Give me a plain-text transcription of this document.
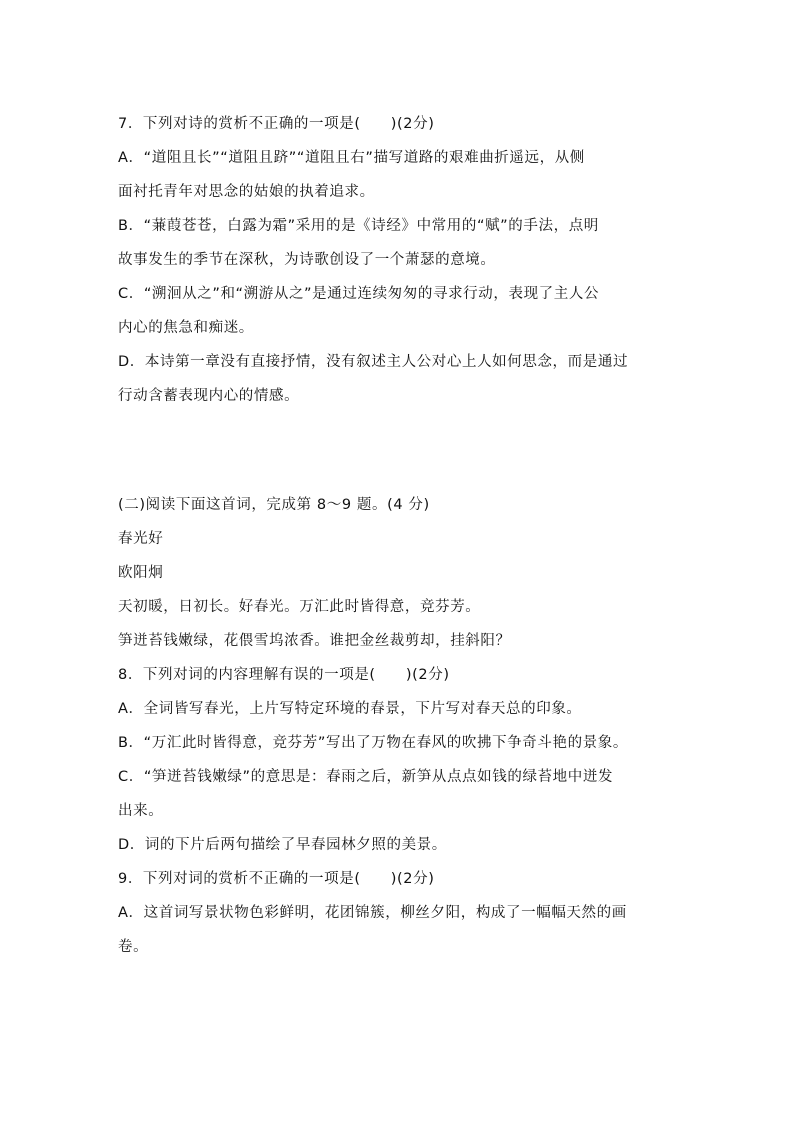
7．下列对诗的赏析不正确的一项是(　　)(2分)
A．“道阻且长”“道阻且跻”“道阻且右”描写道路的艰难曲折遥远，从侧
面衬托青年对思念的姑娘的执着追求。
B．“蒹葭苍苍，白露为霜”采用的是《诗经》中常用的“赋”的手法，点明
故事发生的季节在深秋，为诗歌创设了一个萧瑟的意境。
C．“溯洄从之”和“溯游从之”是通过连续匆匆的寻求行动，表现了主人公
内心的焦急和痴迷。
D．本诗第一章没有直接抒情，没有叙述主人公对心上人如何思念，而是通过
行动含蓄表现内心的情感。
(二)阅读下面这首词，完成第 8～9 题。(4 分)
春光好
欧阳炯
天初暖，日初长。好春光。万汇此时皆得意，竞芬芳。
笋迸苔钱嫩绿，花偎雪坞浓香。谁把金丝裁剪却，挂斜阳？
8．下列对词的内容理解有误的一项是(　　)(2分)
A．全词皆写春光，上片写特定环境的春景，下片写对春天总的印象。
B．“万汇此时皆得意，竞芬芳”写出了万物在春风的吹拂下争奇斗艳的景象。
C．“笋迸苔钱嫩绿”的意思是：春雨之后，新笋从点点如钱的绿苔地中迸发
出来。
D．词的下片后两句描绘了早春园林夕照的美景。
9．下列对词的赏析不正确的一项是(　　)(2分)
A．这首词写景状物色彩鲜明，花团锦簇，柳丝夕阳，构成了一幅幅天然的画
卷。
